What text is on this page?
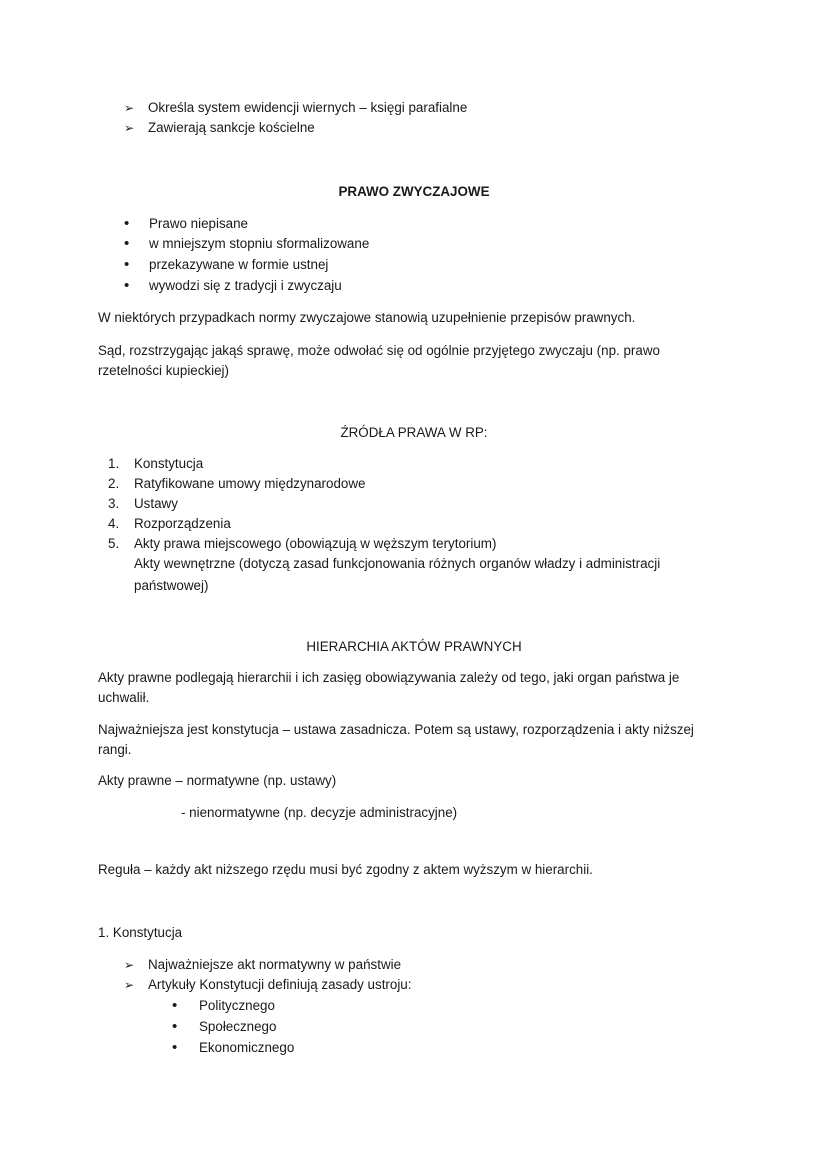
➢ Określa system ewidencji wiernych – księgi parafialne
➢ Zawierają sankcje kościelne
PRAWO ZWYCZAJOWE
• Prawo niepisane
• w mniejszym stopniu sformalizowane
• przekazywane w formie ustnej
• wywodzi się z tradycji i zwyczaju
W niektórych przypadkach normy zwyczajowe stanowią uzupełnienie przepisów prawnych.
Sąd, rozstrzygając jakąś sprawę, może odwołać się od ogólnie przyjętego zwyczaju (np. prawo rzetelności kupieckiej)
ŹRÓDŁA PRAWA W RP:
1. Konstytucja
2. Ratyfikowane umowy międzynarodowe
3. Ustawy
4. Rozporządzenia
5. Akty prawa miejscowego (obowiązują w węższym terytorium)
Akty wewnętrzne (dotyczą zasad funkcjonowania różnych organów władzy i administracji
państwowej)
HIERARCHIA AKTÓW PRAWNYCH
Akty prawne podlegają hierarchii i ich zasięg obowiązywania zależy od tego, jaki organ państwa je uchwalił.
Najważniejsza jest konstytucja – ustawa zasadnicza. Potem są ustawy, rozporządzenia i akty niższej rangi.
Akty prawne – normatywne (np. ustawy)
- nienormatywne (np. decyzje administracyjne)
Reguła – każdy akt niższego rzędu musi być zgodny z aktem wyższym w hierarchii.
1. Konstytucja
➢ Najważniejsze akt normatywny w państwie
➢ Artykuły Konstytucji definiują zasady ustroju:
• Politycznego
• Społecznego
• Ekonomicznego
